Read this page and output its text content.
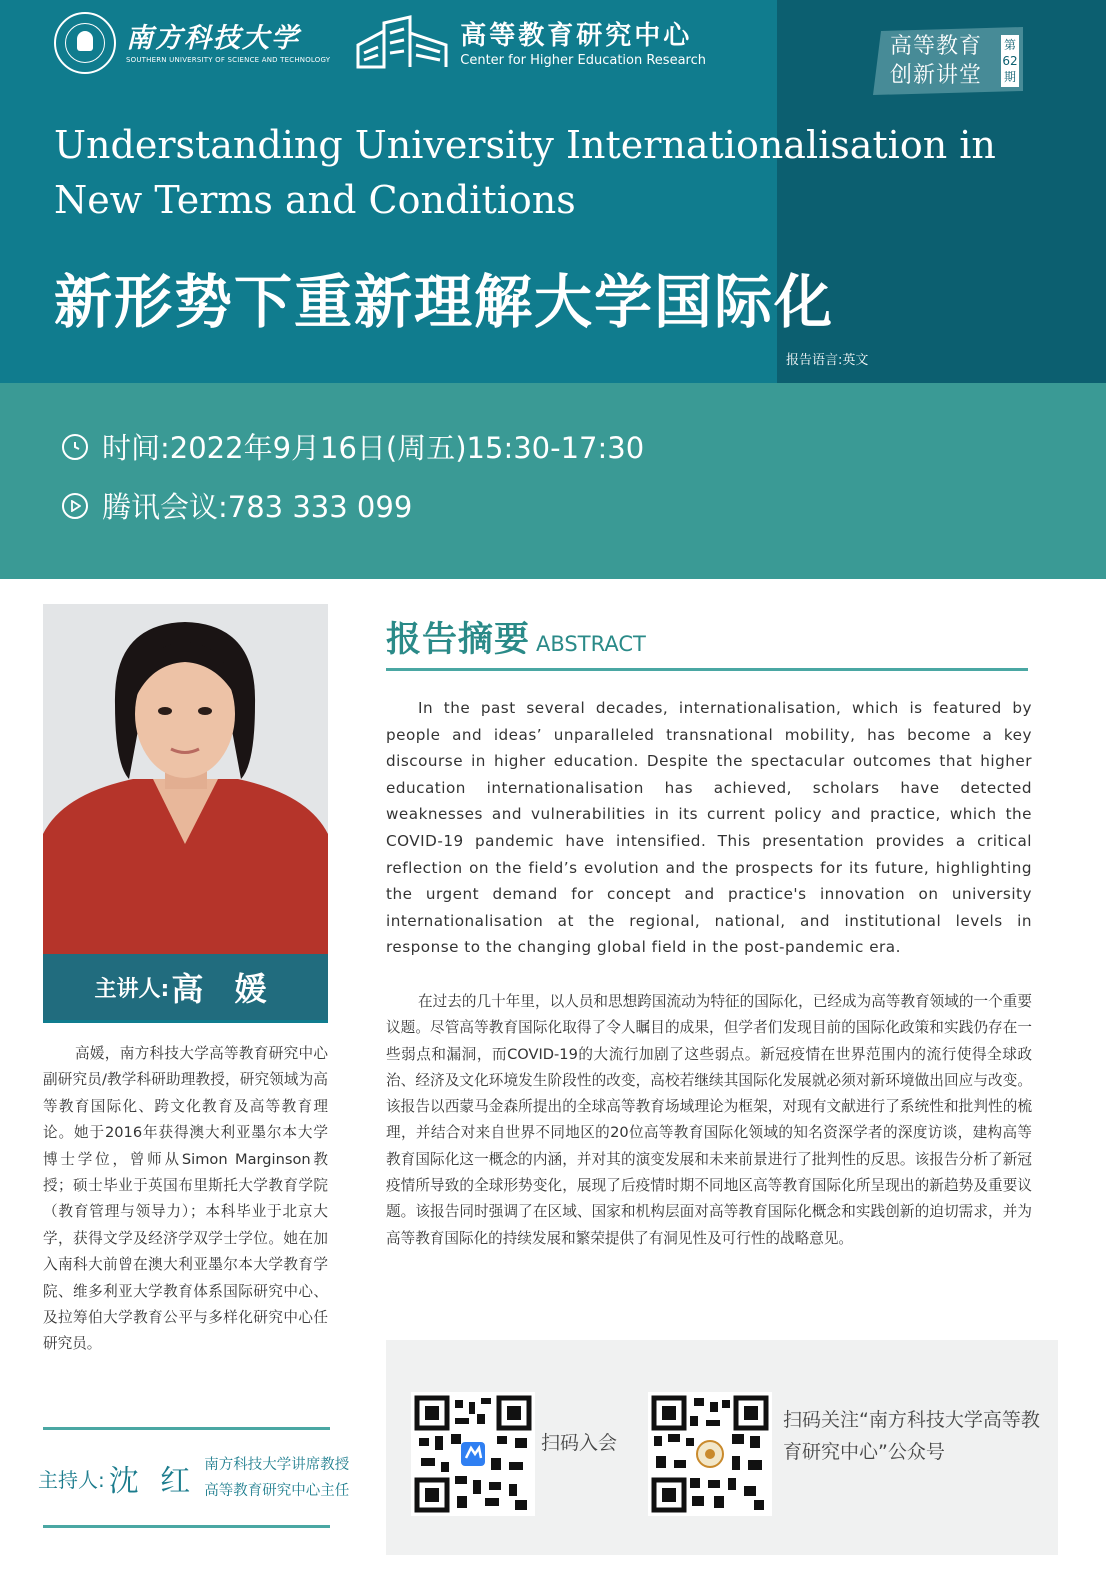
南方科技大学
SOUTHERN UNIVERSITY OF SCIENCE AND TECHNOLOGY
高等教育研究中心
Center for Higher Education Research
高等教育
创新讲堂
第
62
期
Understanding University Internationalisation in New Terms and Conditions
新形势下重新理解大学国际化
报告语言:英文
时间:2022年9月16日(周五)15:30-17:30
腾讯会议:783 333 099
主讲人: 高 媛
高媛，南方科技大学高等教育研究中心副研究员/教学科研助理教授，研究领域为高等教育国际化、跨文化教育及高等教育理论。她于2016年获得澳大利亚墨尔本大学博士学位，曾师从Simon Marginson教授；硕士毕业于英国布里斯托大学教育学院（教育管理与领导力）；本科毕业于北京大学，获得文学及经济学双学士学位。她在加入南科大前曾在澳大利亚墨尔本大学教育学院、维多利亚大学教育体系国际研究中心、及拉筹伯大学教育公平与多样化研究中心任研究员。
主持人: 沈 红 南方科技大学讲席教授
高等教育研究中心主任
报告摘要 ABSTRACT
In the past several decades, internationalisation, which is featured by people and ideas’ unparalleled transnational mobility, has become a key discourse in higher education. Despite the spectacular outcomes that higher education internationalisation has achieved, scholars have detected weaknesses and vulnerabilities in its current policy and practice, which the COVID-19 pandemic have intensified. This presentation provides a critical reflection on the field’s evolution and the prospects for its future, highlighting the urgent demand for concept and practice's innovation on university internationalisation at the regional, national, and institutional levels in response to the changing global field in the post-pandemic era.
在过去的几十年里，以人员和思想跨国流动为特征的国际化，已经成为高等教育领域的一个重要议题。尽管高等教育国际化取得了令人瞩目的成果，但学者们发现目前的国际化政策和实践仍存在一些弱点和漏洞，而COVID-19的大流行加剧了这些弱点。新冠疫情在世界范围内的流行使得全球政治、经济及文化环境发生阶段性的改变，高校若继续其国际化发展就必须对新环境做出回应与改变。该报告以西蒙马金森所提出的全球高等教育场域理论为框架，对现有文献进行了系统性和批判性的梳理，并结合对来自世界不同地区的20位高等教育国际化领域的知名资深学者的深度访谈，建构高等教育国际化这一概念的内涵，并对其的演变发展和未来前景进行了批判性的反思。该报告分析了新冠疫情所导致的全球形势变化，展现了后疫情时期不同地区高等教育国际化所呈现出的新趋势及重要议题。该报告同时强调了在区域、国家和机构层面对高等教育国际化概念和实践创新的迫切需求，并为高等教育国际化的持续发展和繁荣提供了有洞见性及可行性的战略意见。
扫码入会
扫码关注“南方科技大学高等教育研究中心”公众号
